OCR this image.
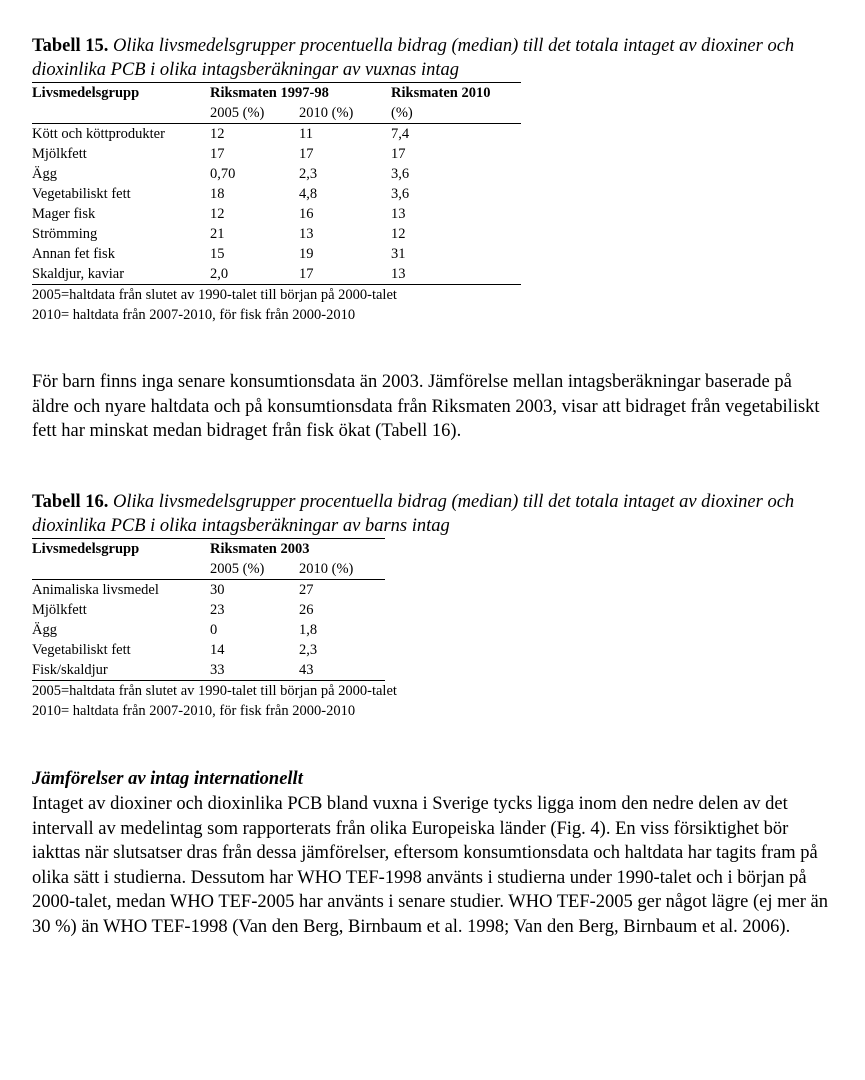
Tabell 15. Olika livsmedelsgrupper procentuella bidrag (median) till det totala intaget av dioxiner och dioxinlika PCB i olika intagsberäkningar av vuxnas intag
Livsmedelsgrupp	Riksmaten 1997-98		Riksmaten 2010
	2005 (%)	2010 (%)	(%)
Kött och köttprodukter	12	11	7,4
Mjölkfett	17	17	17
Ägg	0,70	2,3	3,6
Vegetabiliskt fett	18	4,8	3,6
Mager fisk	12	16	13
Strömming	21	13	12
Annan fet fisk	15	19	31
Skaldjur, kaviar	2,0	17	13
2005=haltdata från slutet av 1990-talet till början på 2000-talet
2010= haltdata från 2007-2010, för fisk från 2000-2010
För barn finns inga senare konsumtionsdata än 2003. Jämförelse mellan intagsberäkningar baserade på äldre och nyare haltdata och på konsumtionsdata från Riksmaten 2003, visar att bidraget från vegetabiliskt fett har minskat medan bidraget från fisk ökat (Tabell 16).
Tabell 16. Olika livsmedelsgrupper procentuella bidrag (median) till det totala intaget av dioxiner och dioxinlika PCB i olika intagsberäkningar av barns intag
Livsmedelsgrupp	Riksmaten 2003	
	2005 (%)	2010 (%)
Animaliska livsmedel	30	27
Mjölkfett	23	26
Ägg	0	1,8
Vegetabiliskt fett	14	2,3
Fisk/skaldjur	33	43
2005=haltdata från slutet av 1990-talet till början på 2000-talet
2010= haltdata från 2007-2010, för fisk från 2000-2010
Jämförelser av intag internationellt
Intaget av dioxiner och dioxinlika PCB bland vuxna i Sverige tycks ligga inom den nedre delen av det intervall av medelintag som rapporterats från olika Europeiska länder (Fig. 4). En viss försiktighet bör iakttas när slutsatser dras från dessa jämförelser, eftersom konsumtionsdata och haltdata har tagits fram på olika sätt i studierna. Dessutom har WHO TEF-1998 använts i studierna under 1990-talet och i början på 2000-talet, medan WHO TEF-2005 har använts i senare studier. WHO TEF-2005 ger något lägre (ej mer än 30 %) än WHO TEF-1998 (Van den Berg, Birnbaum et al. 1998; Van den Berg, Birnbaum et al. 2006).
